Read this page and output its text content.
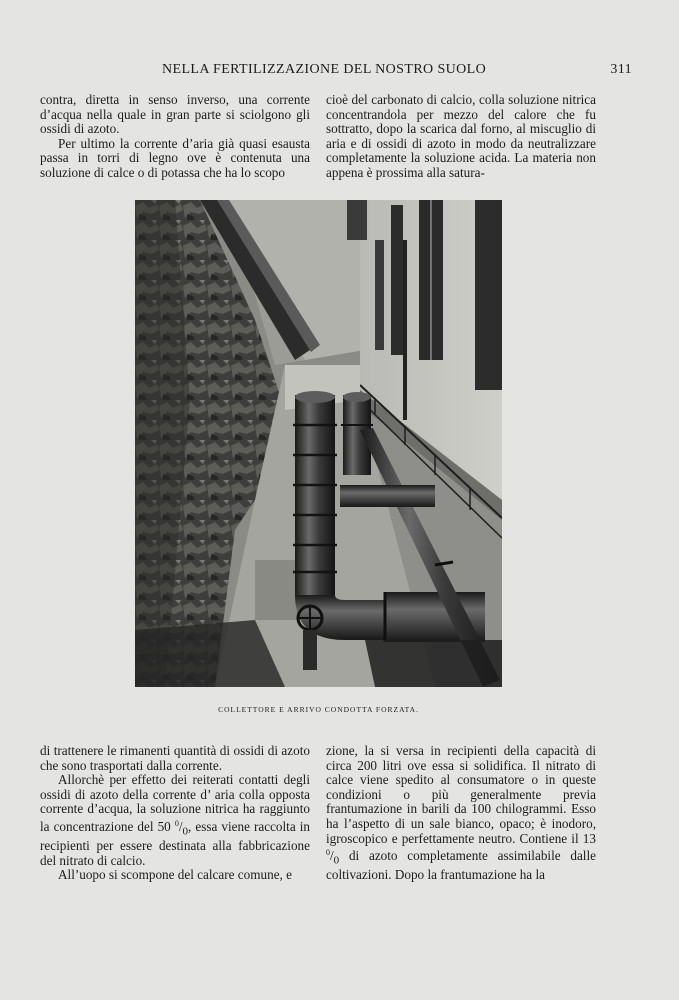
NELLA FERTILIZZAZIONE DEL NOSTRO SUOLO	311

contra, diretta in senso inverso, una corrente d’acqua nella quale in gran parte si sciolgono gli ossidi di azoto.

Per ultimo la corrente d’aria già quasi esausta passa in torri di legno ove è contenuta una soluzione di calce o di potassa che ha lo scopo

cioè del carbonato di calcio, colla soluzione nitrica concentrandola per mezzo del calore che fu sottratto, dopo la scarica dal forno, al miscuglio di aria e di ossidi di azoto in modo da neutralizzare completamente la soluzione acida. La materia non appena è prossima alla satura-

COLLETTORE E ARRIVO CONDOTTA FORZATA.

di trattenere le rimanenti quantità di ossidi di azoto che sono trasportati dalla corrente.

Allorchè per effetto dei reiterati contatti degli ossidi di azoto della corrente d’ aria colla opposta corrente d’acqua, la soluzione nitrica ha raggiunto la concentrazione del 50 $^0/_0$, essa viene raccolta in recipienti per essere destinata alla fabbricazione del nitrato di calcio.

All’uopo si scompone del calcare comune, e

zione, la si versa in recipienti della capacità di circa 200 litri ove essa si solidifica. Il nitrato di calce viene spedito al consumatore o in queste condizioni o più generalmente previa frantumazione in barili da 100 chilogrammi. Esso ha l’aspetto di un sale bianco, opaco; è inodoro, igroscopico e perfettamente neutro. Contiene il 13 $^0/_0$ di azoto completamente assimilabile dalle coltivazioni. Dopo la frantumazione ha la
